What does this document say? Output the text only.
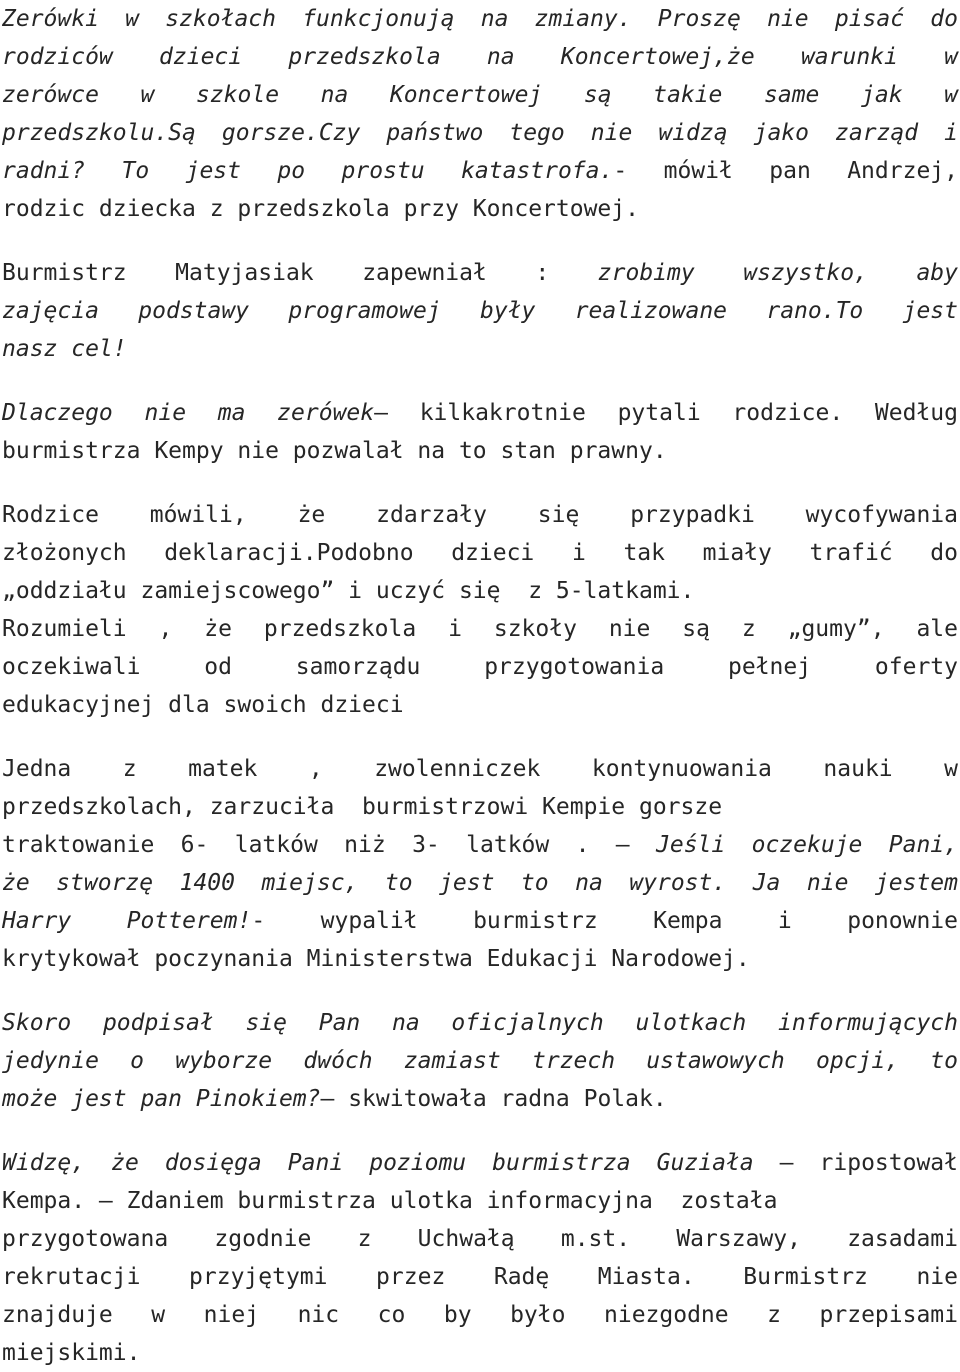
Zerówki w szkołach funkcjonują na zmiany. Proszę nie pisać do
rodziców dzieci przedszkola na Koncertowej,że warunki w
zerówce w szkole na Koncertowej są takie same jak w
przedszkolu.Są gorsze.Czy państwo tego nie widzą jako zarząd i
radni? To jest po prostu katastrofa.- mówił pan Andrzej,
rodzic dziecka z przedszkola przy Koncertowej.
Burmistrz Matyjasiak zapewniał : zrobimy wszystko, aby
zajęcia podstawy programowej były realizowane rano.To jest
nasz cel!
Dlaczego nie ma zerówek– kilkakrotnie pytali rodzice. Według
burmistrza Kempy nie pozwalał na to stan prawny.
Rodzice mówili, że zdarzały się przypadki wycofywania
złożonych deklaracji.Podobno dzieci i tak miały trafić do
„oddziału zamiejscowego” i uczyć się  z 5-latkami.
Rozumieli , że przedszkola i szkoły nie są z „gumy”, ale
oczekiwali od samorządu przygotowania pełnej oferty
edukacyjnej dla swoich dzieci
Jedna z matek , zwolenniczek kontynuowania nauki w
przedszkolach, zarzuciła  burmistrzowi Kempie gorsze
traktowanie 6- latków niż 3- latków . – Jeśli oczekuje Pani,
że stworzę 1400 miejsc, to jest to na wyrost. Ja nie jestem
Harry Potterem!- wypalił burmistrz Kempa i ponownie
krytykował poczynania Ministerstwa Edukacji Narodowej.
Skoro podpisał się Pan na oficjalnych ulotkach informujących
jedynie o wyborze dwóch zamiast trzech ustawowych opcji, to
może jest pan Pinokiem?– skwitowała radna Polak.
Widzę, że dosięga Pani poziomu burmistrza Guziała – ripostował
Kempa. – Zdaniem burmistrza ulotka informacyjna  została
przygotowana zgodnie z Uchwałą m.st. Warszawy, zasadami
rekrutacji przyjętymi przez Radę Miasta. Burmistrz nie
znajduje w niej nic co by było niezgodne z przepisami
miejskimi.
